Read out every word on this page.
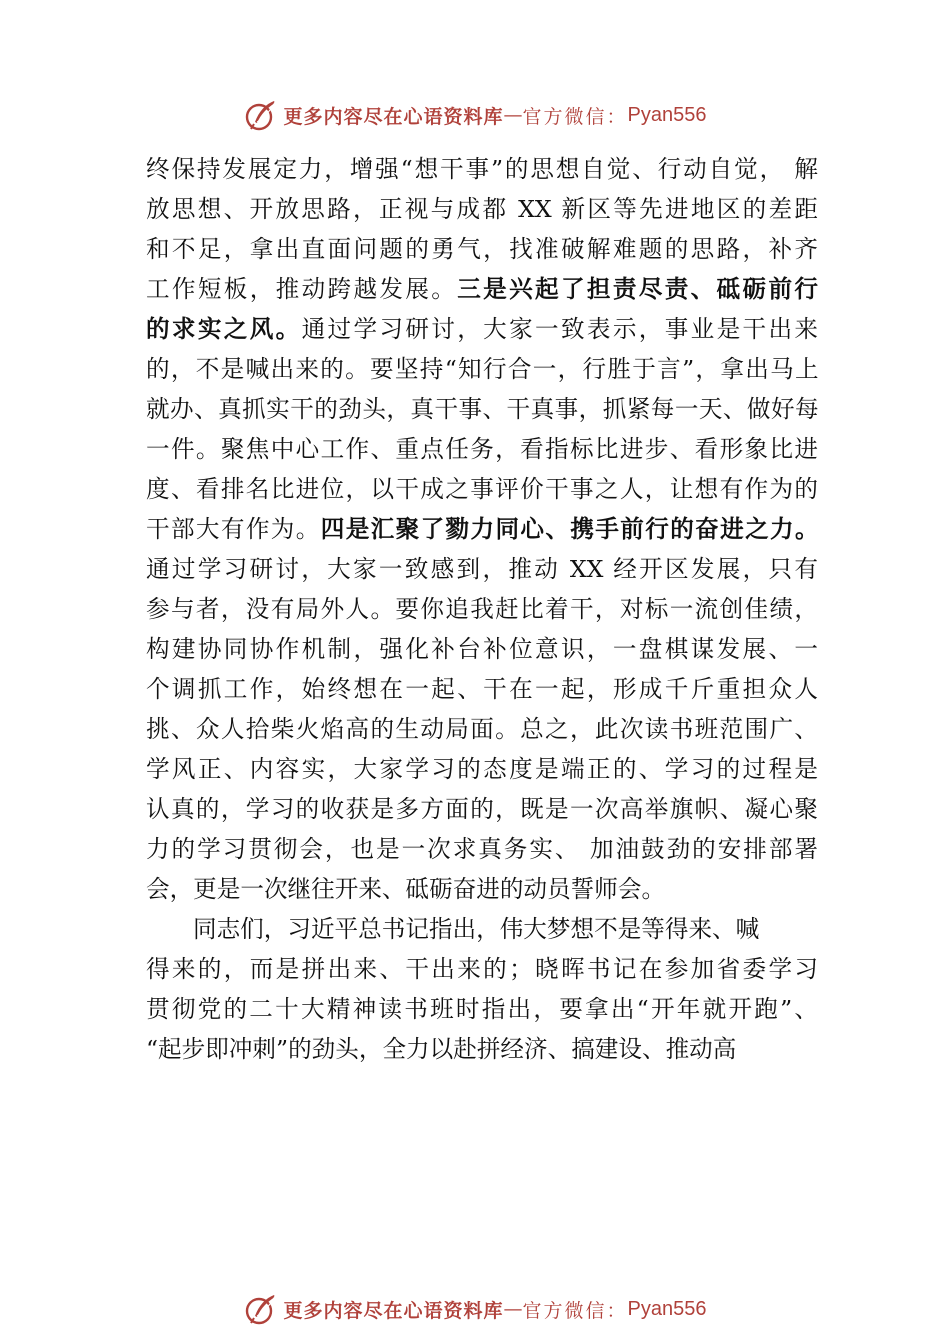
更多内容尽在心语资料库 — 官方微信： Pyan556
终保持发展定力，增强“想干事”的思想自觉、行动自觉， 解
放思想、开放思路，正视与成都 XX 新区等先进地区的差距
和不足，拿出直面问题的勇气，找准破解难题的思路，补齐
工作短板，推动跨越发展。三是兴起了担责尽责、砥砺前行
的求实之风。通过学习研讨，大家一致表示，事业是干出来
的，不是喊出来的。要坚持“知行合一，行胜于言”，拿出马上
就办、真抓实干的劲头，真干事、干真事，抓紧每一天、做好每
一件。聚焦中心工作、重点任务，看指标比进步、看形象比进
度、看排名比进位，以干成之事评价干事之人，让想有作为的
干部大有作为。四是汇聚了勠力同心、携手前行的奋进之力。
通过学习研讨，大家一致感到，推动 XX 经开区发展，只有
参与者，没有局外人。要你追我赶比着干，对标一流创佳绩，
构建协同协作机制，强化补台补位意识，一盘棋谋发展、一
个调抓工作，始终想在一起、干在一起，形成千斤重担众人
挑、众人拾柴火焰高的生动局面。总之，此次读书班范围广、
学风正、内容实，大家学习的态度是端正的、学习的过程是
认真的，学习的收获是多方面的，既是一次高举旗帜、凝心聚
力的学习贯彻会，也是一次求真务实、 加油鼓劲的安排部署
会，更是一次继往开来、砥砺奋进的动员誓师会。
同志们，习近平总书记指出，伟大梦想不是等得来、喊
得来的，而是拼出来、干出来的；晓晖书记在参加省委学习
贯彻党的二十大精神读书班时指出，要拿出“开年就开跑”、
“起步即冲刺”的劲头，全力以赴拼经济、搞建设、推动高
更多内容尽在心语资料库 — 官方微信： Pyan556
